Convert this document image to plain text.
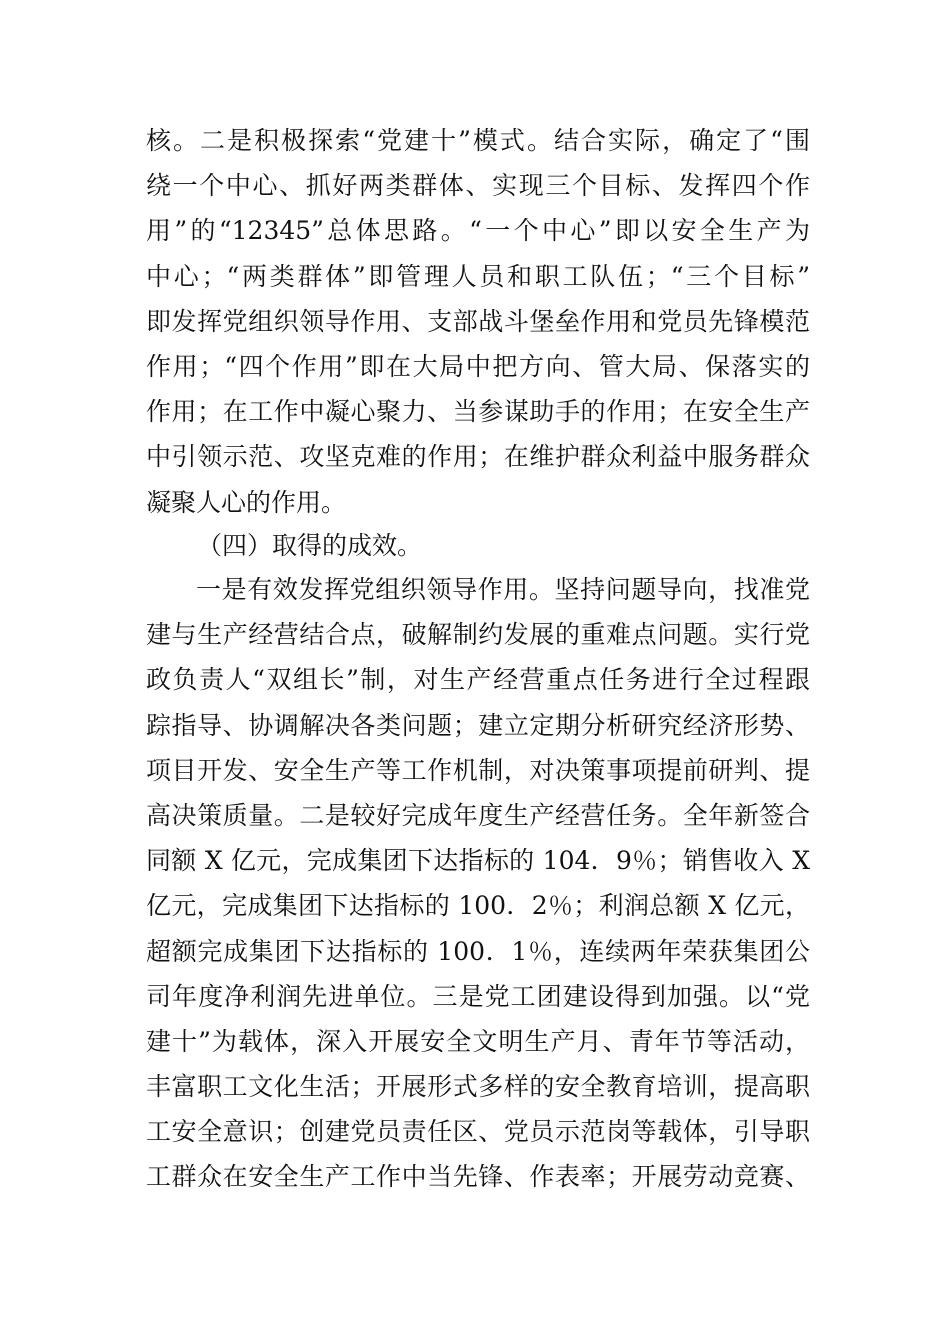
核。二是积极探索“党建十”模式。结合实际，确定了“围
绕一个中心、抓好两类群体、实现三个目标、发挥四个作
用”的“12345”总体思路。“一个中心”即以安全生产为
中心；“两类群体”即管理人员和职工队伍；“三个目标”
即发挥党组织领导作用、支部战斗堡垒作用和党员先锋模范
作用；“四个作用”即在大局中把方向、管大局、保落实的
作用；在工作中凝心聚力、当参谋助手的作用；在安全生产
中引领示范、攻坚克难的作用；在维护群众利益中服务群众
凝聚人心的作用。
（四）取得的成效。
一是有效发挥党组织领导作用。坚持问题导向，找准党
建与生产经营结合点，破解制约发展的重难点问题。实行党
政负责人“双组长”制，对生产经营重点任务进行全过程跟
踪指导、协调解决各类问题；建立定期分析研究经济形势、
项目开发、安全生产等工作机制，对决策事项提前研判、提
高决策质量。二是较好完成年度生产经营任务。全年新签合
同额 X 亿元，完成集团下达指标的 104．9％；销售收入 X
亿元，完成集团下达指标的 100．2％；利润总额 X 亿元，
超额完成集团下达指标的 100．1％，连续两年荣获集团公
司年度净利润先进单位。三是党工团建设得到加强。以“党
建十”为载体，深入开展安全文明生产月、青年节等活动，
丰富职工文化生活；开展形式多样的安全教育培训，提高职
工安全意识；创建党员责任区、党员示范岗等载体，引导职
工群众在安全生产工作中当先锋、作表率；开展劳动竞赛、
